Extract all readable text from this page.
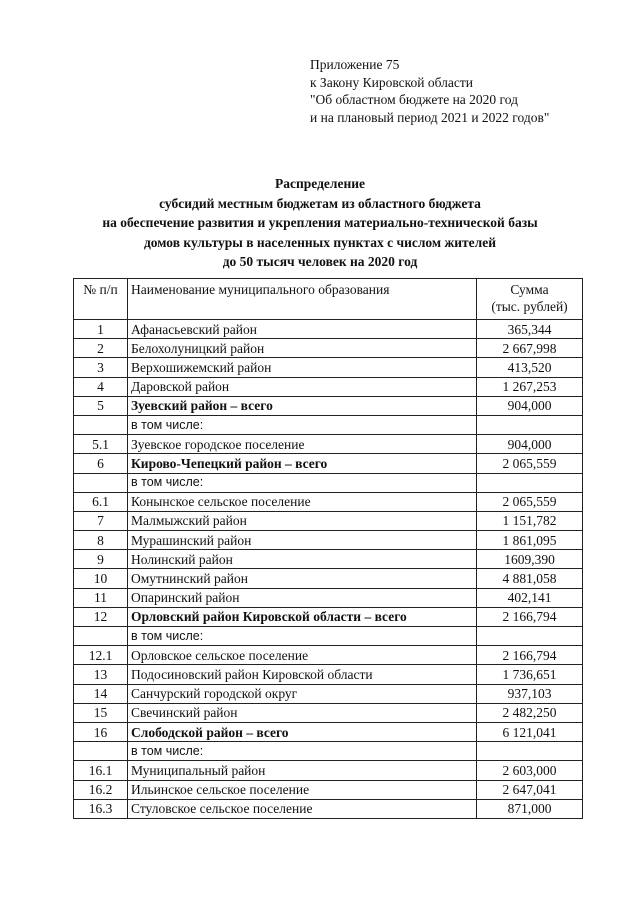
Приложение 75
к Закону Кировской области
"Об областном бюджете на 2020 год
и на плановый период 2021 и 2022 годов"
Распределение
субсидий местным бюджетам из областного бюджета
на обеспечение развития и укрепления материально-технической базы
домов культуры в населенных пунктах с числом жителей
до 50 тысяч человек на 2020 год
№ п/п	Наименование муниципального образования	Сумма
(тыс. рублей)

1	Афанасьевский район	365,344
2	Белохолуницкий район	2 667,998
3	Верхошижемский район	413,520
4	Даровской район	1 267,253
5	Зуевский район – всего	904,000
	в том числе:	
5.1	Зуевское городское поселение	904,000
6	Кирово-Чепецкий район – всего	2 065,559
	в том числе:	
6.1	Конынское сельское поселение	2 065,559
7	Малмыжский район	1 151,782
8	Мурашинский район	1 861,095
9	Нолинский район	1609,390
10	Омутнинский район	4 881,058
11	Опаринский район	402,141
12	Орловский район Кировской области – всего	2 166,794
	в том числе:	
12.1	Орловское сельское поселение	2 166,794
13	Подосиновский район Кировской области	1 736,651
14	Санчурский городской округ	937,103
15	Свечинский район	2 482,250
16	Слободской район – всего	6 121,041
	в том числе:	
16.1	Муниципальный район	2 603,000
16.2	Ильинское сельское поселение	2 647,041
16.3	Стуловское сельское поселение	871,000
